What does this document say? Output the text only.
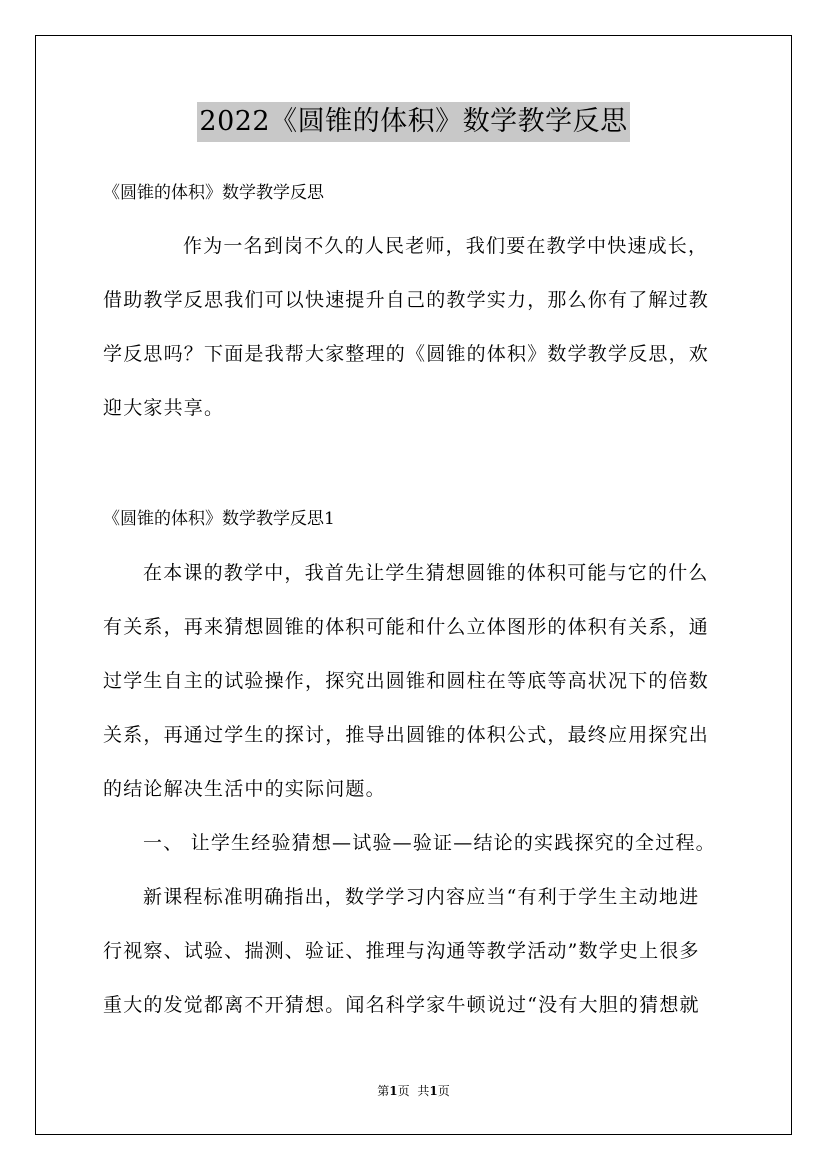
2022《圆锥的体积》数学教学反思
《圆锥的体积》数学教学反思
作为一名到岗不久的人民老师，我们要在教学中快速成长，
借助教学反思我们可以快速提升自己的教学实力，那么你有了解过教
学反思吗？下面是我帮大家整理的《圆锥的体积》数学教学反思，欢
迎大家共享。
《圆锥的体积》数学教学反思1
在本课的教学中，我首先让学生猜想圆锥的体积可能与它的什么
有关系，再来猜想圆锥的体积可能和什么立体图形的体积有关系，通
过学生自主的试验操作，探究出圆锥和圆柱在等底等高状况下的倍数
关系，再通过学生的探讨，推导出圆锥的体积公式，最终应用探究出
的结论解决生活中的实际问题。
一、 让学生经验猜想—试验—验证—结论的实践探究的全过程。
新课程标准明确指出，数学学习内容应当“有利于学生主动地进
行视察、试验、揣测、验证、推理与沟通等教学活动”数学史上很多
重大的发觉都离不开猜想。闻名科学家牛顿说过“没有大胆的猜想就
第1页 共1页
